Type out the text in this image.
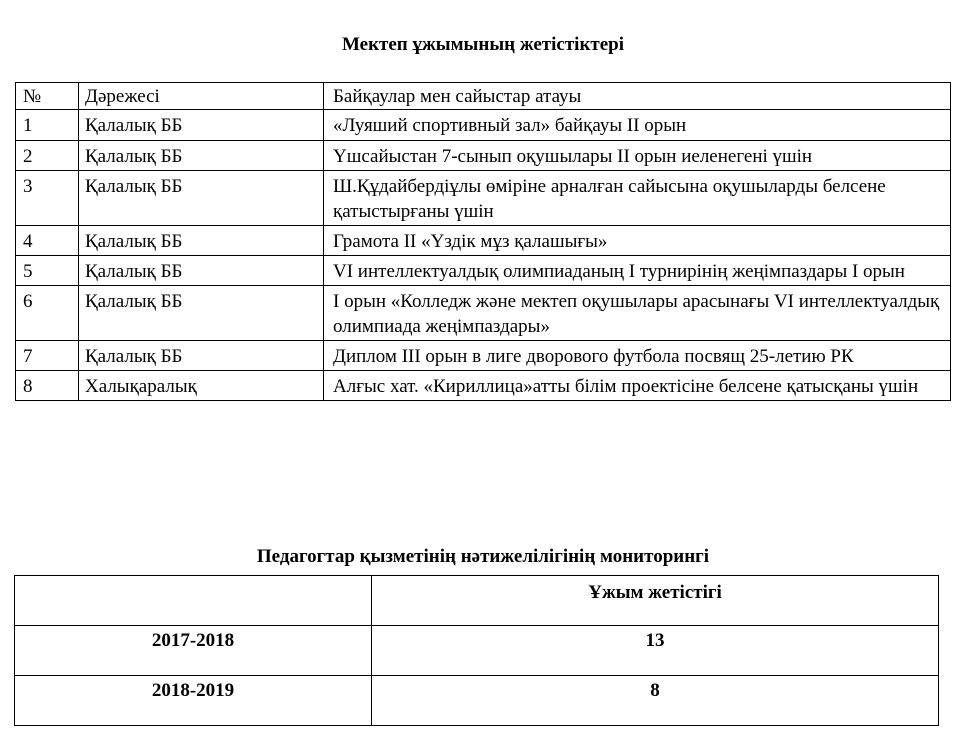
Мектеп ұжымының жетістіктері
№	Дәрежесі	Байқаулар мен сайыстар атауы
1	Қалалық ББ	«Луяший спортивный зал» байқауы II орын
2	Қалалық ББ	Үшсайыстан 7-сынып оқушылары II орын иеленегені үшін
3	Қалалық ББ	Ш.Құдайбердіұлы өміріне арналған сайысына оқушыларды белсене қатыстырғаны үшін
4	Қалалық ББ	Грамота II «Үздік мұз қалашығы»
5	Қалалық ББ	VI интеллектуалдық олимпиаданың I турнирінің жеңімпаздары I орын
6	Қалалық ББ	I орын «Колледж және мектеп оқушылары арасынағы VI интеллектуалдық олимпиада жеңімпаздары»
7	Қалалық ББ	Диплом III орын в лиге дворового футбола посвящ 25-летию РК
8	Халықаралық	Алғыс хат. «Кириллица»атты білім проектісіне белсене қатысқаны үшін
Педагогтар қызметінің нәтижелілігінің мониторингі
	Ұжым жетістігі
2017-2018	13
2018-2019	8
